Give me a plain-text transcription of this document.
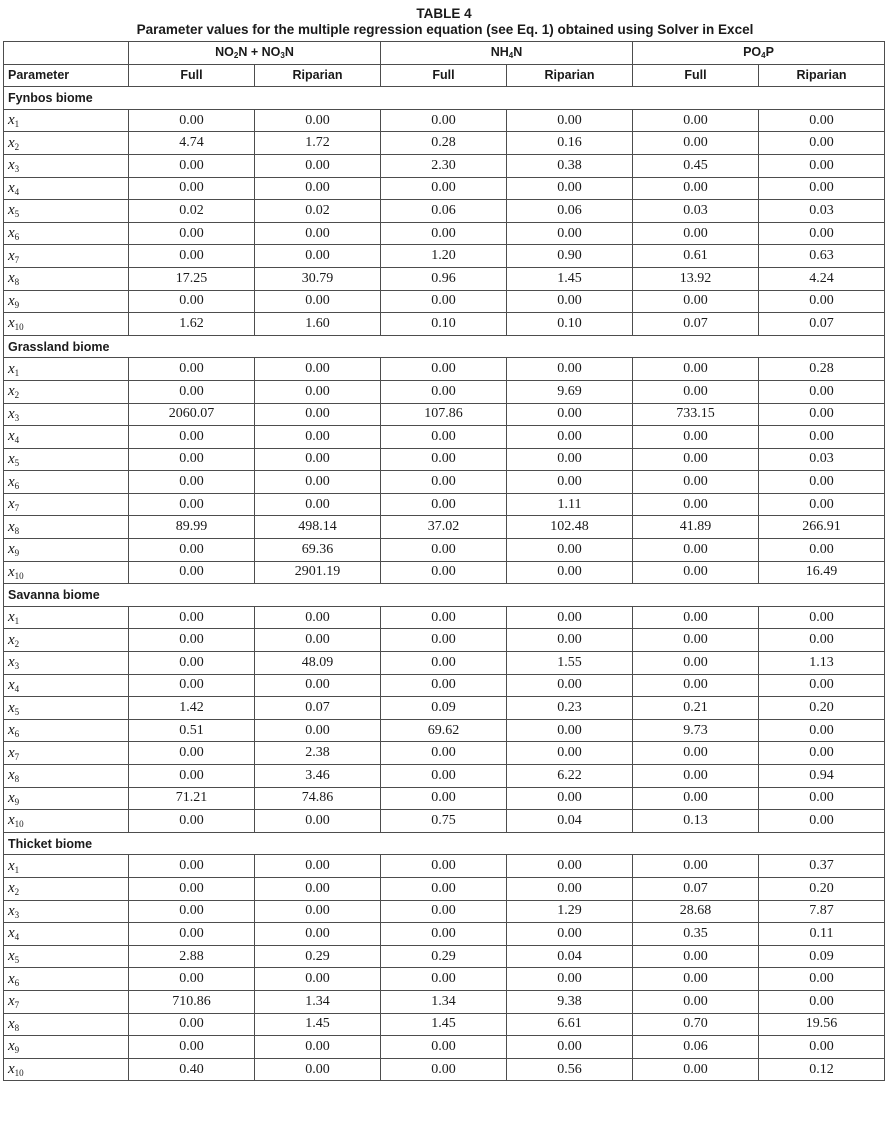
TABLE 4
Parameter values for the multiple regression equation (see Eq. 1) obtained using Solver in Excel
	$NO_2N + NO_3N$		$NH_4N$		$PO_4P$	
Parameter	Full	Riparian	Full	Riparian	Full	Riparian
Fynbos biome						
$x_1$	0.00	0.00	0.00	0.00	0.00	0.00
$x_2$	4.74	1.72	0.28	0.16	0.00	0.00
$x_3$	0.00	0.00	2.30	0.38	0.45	0.00
$x_4$	0.00	0.00	0.00	0.00	0.00	0.00
$x_5$	0.02	0.02	0.06	0.06	0.03	0.03
$x_6$	0.00	0.00	0.00	0.00	0.00	0.00
$x_7$	0.00	0.00	1.20	0.90	0.61	0.63
$x_8$	17.25	30.79	0.96	1.45	13.92	4.24
$x_9$	0.00	0.00	0.00	0.00	0.00	0.00
$x_{10}$	1.62	1.60	0.10	0.10	0.07	0.07
Grassland biome						
$x_1$	0.00	0.00	0.00	0.00	0.00	0.28
$x_2$	0.00	0.00	0.00	9.69	0.00	0.00
$x_3$	2060.07	0.00	107.86	0.00	733.15	0.00
$x_4$	0.00	0.00	0.00	0.00	0.00	0.00
$x_5$	0.00	0.00	0.00	0.00	0.00	0.03
$x_6$	0.00	0.00	0.00	0.00	0.00	0.00
$x_7$	0.00	0.00	0.00	1.11	0.00	0.00
$x_8$	89.99	498.14	37.02	102.48	41.89	266.91
$x_9$	0.00	69.36	0.00	0.00	0.00	0.00
$x_{10}$	0.00	2901.19	0.00	0.00	0.00	16.49
Savanna biome						
$x_1$	0.00	0.00	0.00	0.00	0.00	0.00
$x_2$	0.00	0.00	0.00	0.00	0.00	0.00
$x_3$	0.00	48.09	0.00	1.55	0.00	1.13
$x_4$	0.00	0.00	0.00	0.00	0.00	0.00
$x_5$	1.42	0.07	0.09	0.23	0.21	0.20
$x_6$	0.51	0.00	69.62	0.00	9.73	0.00
$x_7$	0.00	2.38	0.00	0.00	0.00	0.00
$x_8$	0.00	3.46	0.00	6.22	0.00	0.94
$x_9$	71.21	74.86	0.00	0.00	0.00	0.00
$x_{10}$	0.00	0.00	0.75	0.04	0.13	0.00
Thicket biome						
$x_1$	0.00	0.00	0.00	0.00	0.00	0.37
$x_2$	0.00	0.00	0.00	0.00	0.07	0.20
$x_3$	0.00	0.00	0.00	1.29	28.68	7.87
$x_4$	0.00	0.00	0.00	0.00	0.35	0.11
$x_5$	2.88	0.29	0.29	0.04	0.00	0.09
$x_6$	0.00	0.00	0.00	0.00	0.00	0.00
$x_7$	710.86	1.34	1.34	9.38	0.00	0.00
$x_8$	0.00	1.45	1.45	6.61	0.70	19.56
$x_9$	0.00	0.00	0.00	0.00	0.06	0.00
$x_{10}$	0.40	0.00	0.00	0.56	0.00	0.12
